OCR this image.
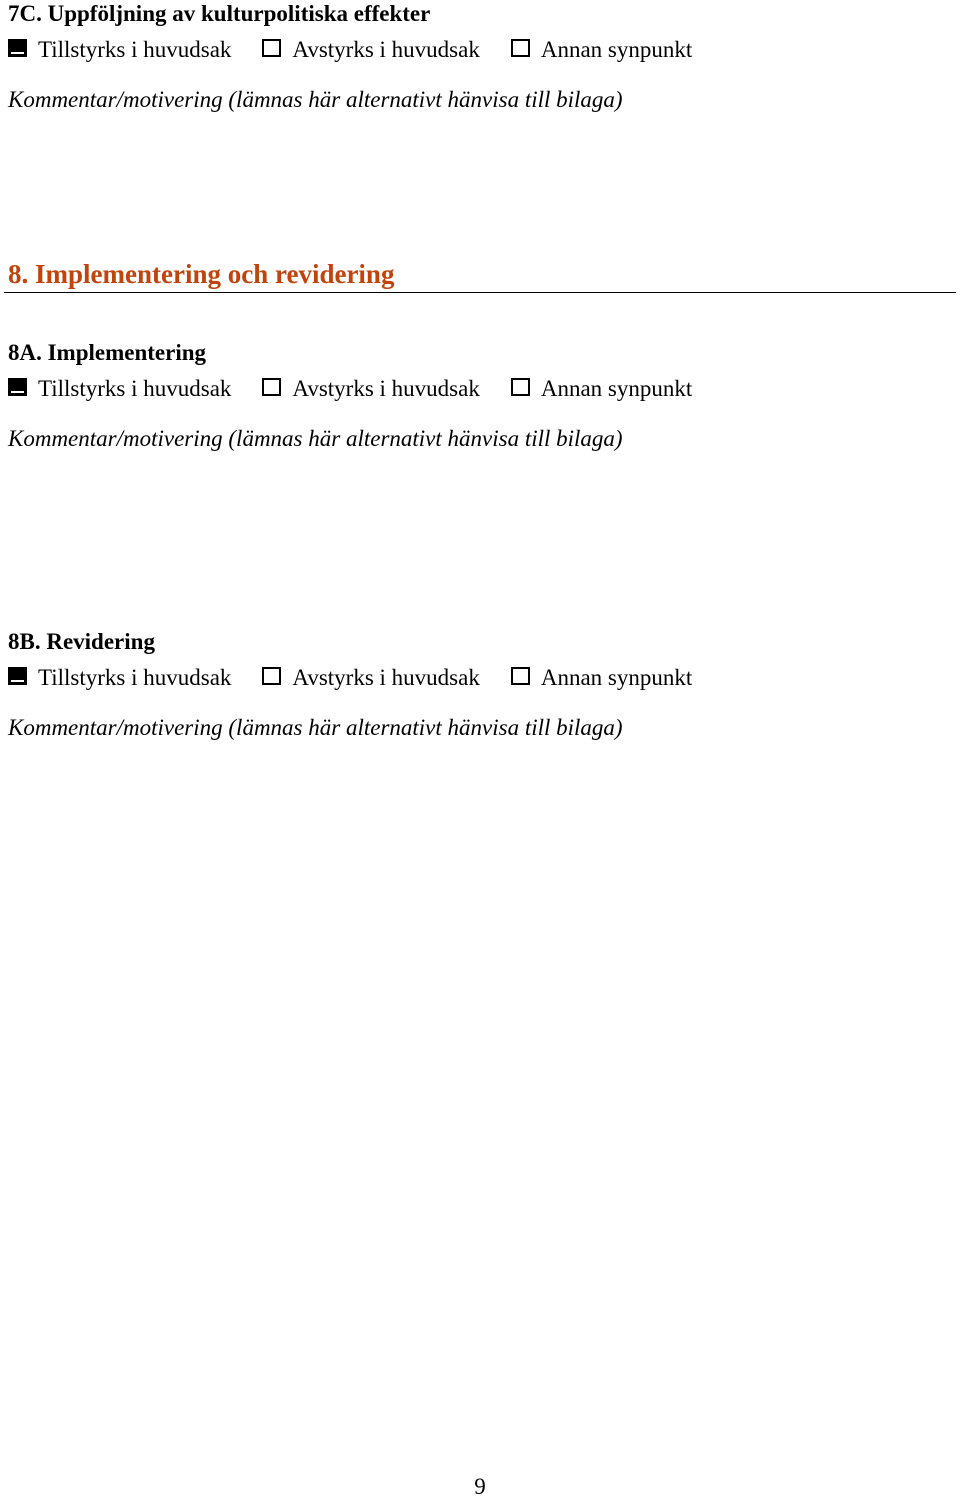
7C. Uppföljning av kulturpolitiska effekter

Tillstyrks i huvudsak	Avstyrks i huvudsak	Annan synpunkt
Kommentar/motivering (lämnas här alternativt hänvisa till bilaga)
8. Implementering och revidering

8A. Implementering

Tillstyrks i huvudsak	Avstyrks i huvudsak	Annan synpunkt
Kommentar/motivering (lämnas här alternativt hänvisa till bilaga)

8B. Revidering

Tillstyrks i huvudsak	Avstyrks i huvudsak	Annan synpunkt
Kommentar/motivering (lämnas här alternativt hänvisa till bilaga)
9
